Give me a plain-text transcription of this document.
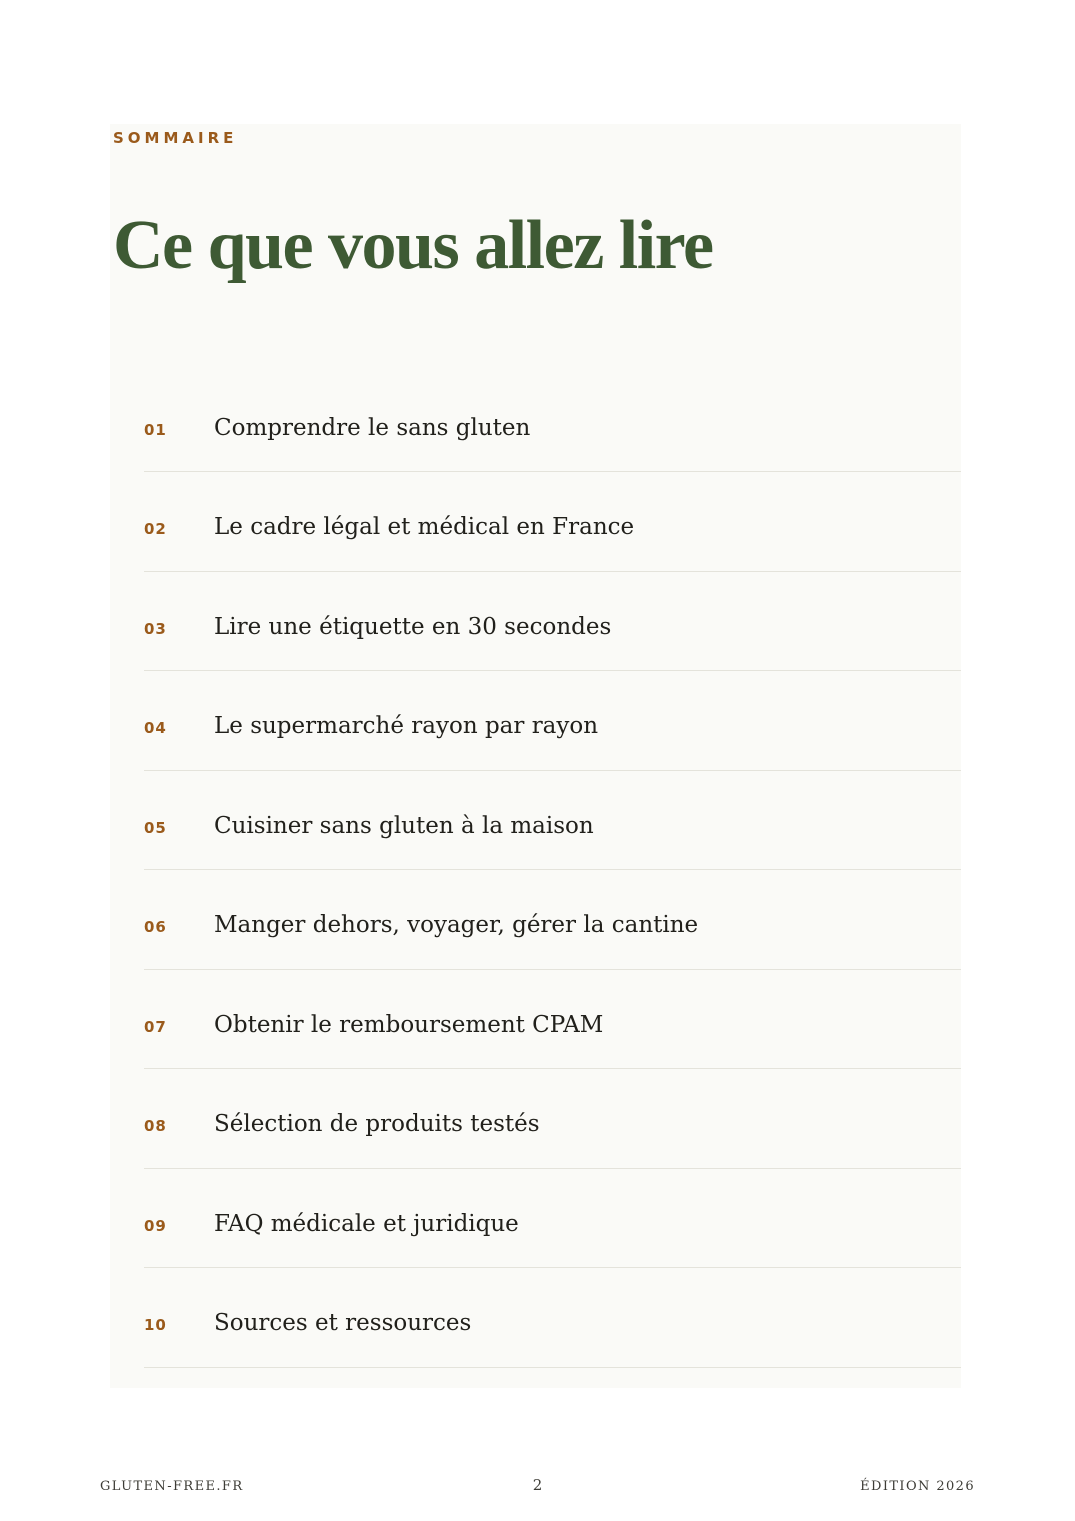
SOMMAIRE
Ce que vous allez lire
01	Comprendre le sans gluten
02	Le cadre légal et médical en France
03	Lire une étiquette en 30 secondes
04	Le supermarché rayon par rayon
05	Cuisiner sans gluten à la maison
06	Manger dehors, voyager, gérer la cantine
07	Obtenir le remboursement CPAM
08	Sélection de produits testés
09	FAQ médicale et juridique
10	Sources et ressources
GLUTEN-FREE.FR	2	ÉDITION 2026
